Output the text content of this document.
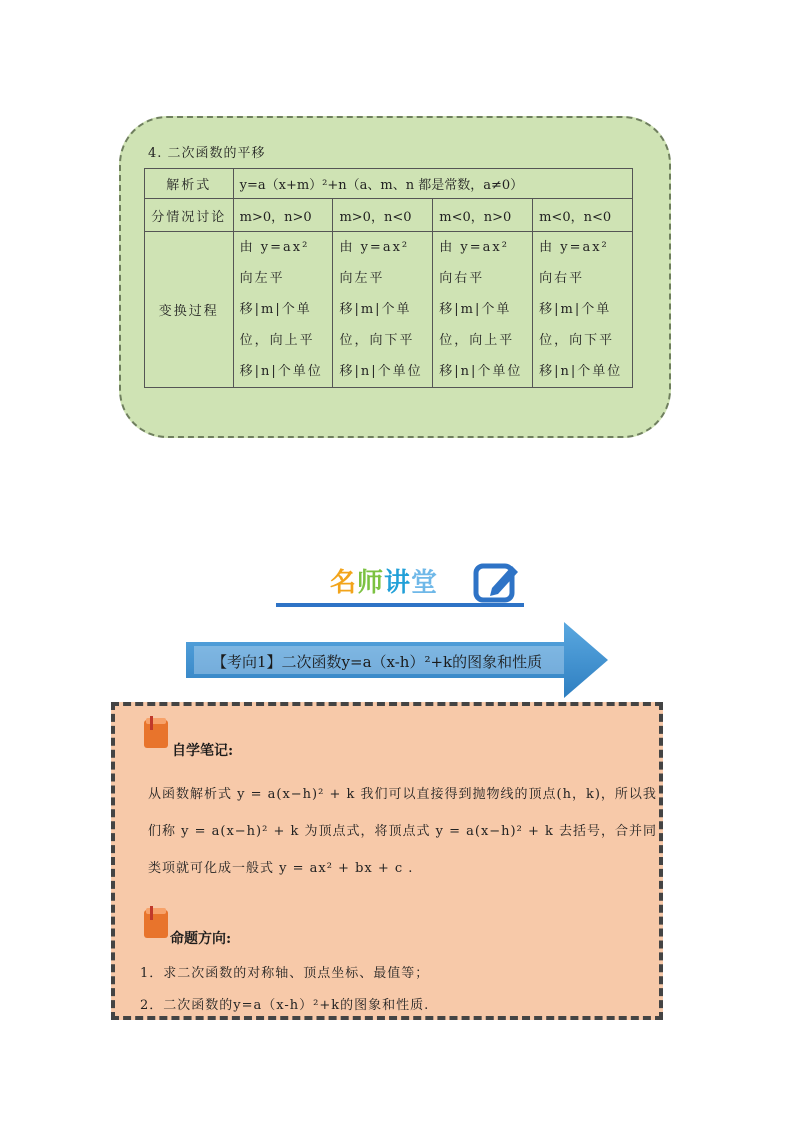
4. 二次函数的平移
解析式	y=a（x+m）²+n（a、m、n 都是常数，a≠0）			
分情况讨论	m>0，n>0	m>0，n<0	m<0，n>0	m<0，n<0
变换过程	由 y=ax² 向左平移|m|个单位，向上平移|n|个单位	由 y=ax² 向左平移|m|个单位，向下平移|n|个单位	由 y=ax² 向右平移|m|个单位，向上平移|n|个单位	由 y=ax² 向右平移|m|个单位，向下平移|n|个单位
名师讲堂
【考向1】二次函数y=a（x-h）²+k的图象和性质
自学笔记:
从函数解析式 y = a(x−h)² + k 我们可以直接得到抛物线的顶点(h，k)，所以我们称 y = a(x−h)² + k 为顶点式，将顶点式 y = a(x−h)² + k 去括号，合并同类项就可化成一般式 y = ax² + bx + c .
命题方向:
1．求二次函数的对称轴、顶点坐标、最值等；
2．二次函数的y=a（x-h）²+k的图象和性质.
